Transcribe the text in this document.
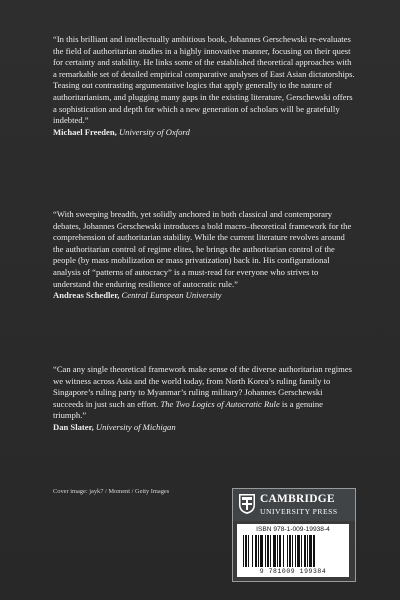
“In this brilliant and intellectually ambitious book, Johannes Gerschewski re-evaluates the field of authoritarian studies in a highly innovative manner, focusing on their quest for certainty and stability. He links some of the established theoretical approaches with a remarkable set of detailed empirical comparative analyses of East Asian dictatorships. Teasing out contrasting argumentative logics that apply generally to the nature of authoritarianism, and plugging many gaps in the existing literature, Gerschewski offers a sophistication and depth for which a new generation of scholars will be gratefully indebted.”

Michael Freeden, University of Oxford

“With sweeping breadth, yet solidly anchored in both classical and contemporary debates, Johannes Gerschewski introduces a bold macro–theoretical framework for the comprehension of authoritarian stability. While the current literature revolves around the authoritarian control of regime elites, he brings the authoritarian control of the people (by mass mobilization or mass privatization) back in. His configurational analysis of “patterns of autocracy” is a must-read for everyone who strives to understand the enduring resilience of autocratic rule.”

Andreas Schedler, Central European University

“Can any single theoretical framework make sense of the diverse authoritarian regimes we witness across Asia and the world today, from North Korea’s ruling family to Singapore’s ruling party to Myanmar’s ruling military? Johannes Gerschewski succeeds in just such an effort. The Two Logics of Autocratic Rule is a genuine triumph.”

Dan Slater, University of Michigan

Cover image: jayk7 / Moment / Getty Images
CAMBRIDGE
UNIVERSITY PRESS
ISBN 978-1-009-19938-4
9 781009 199384
